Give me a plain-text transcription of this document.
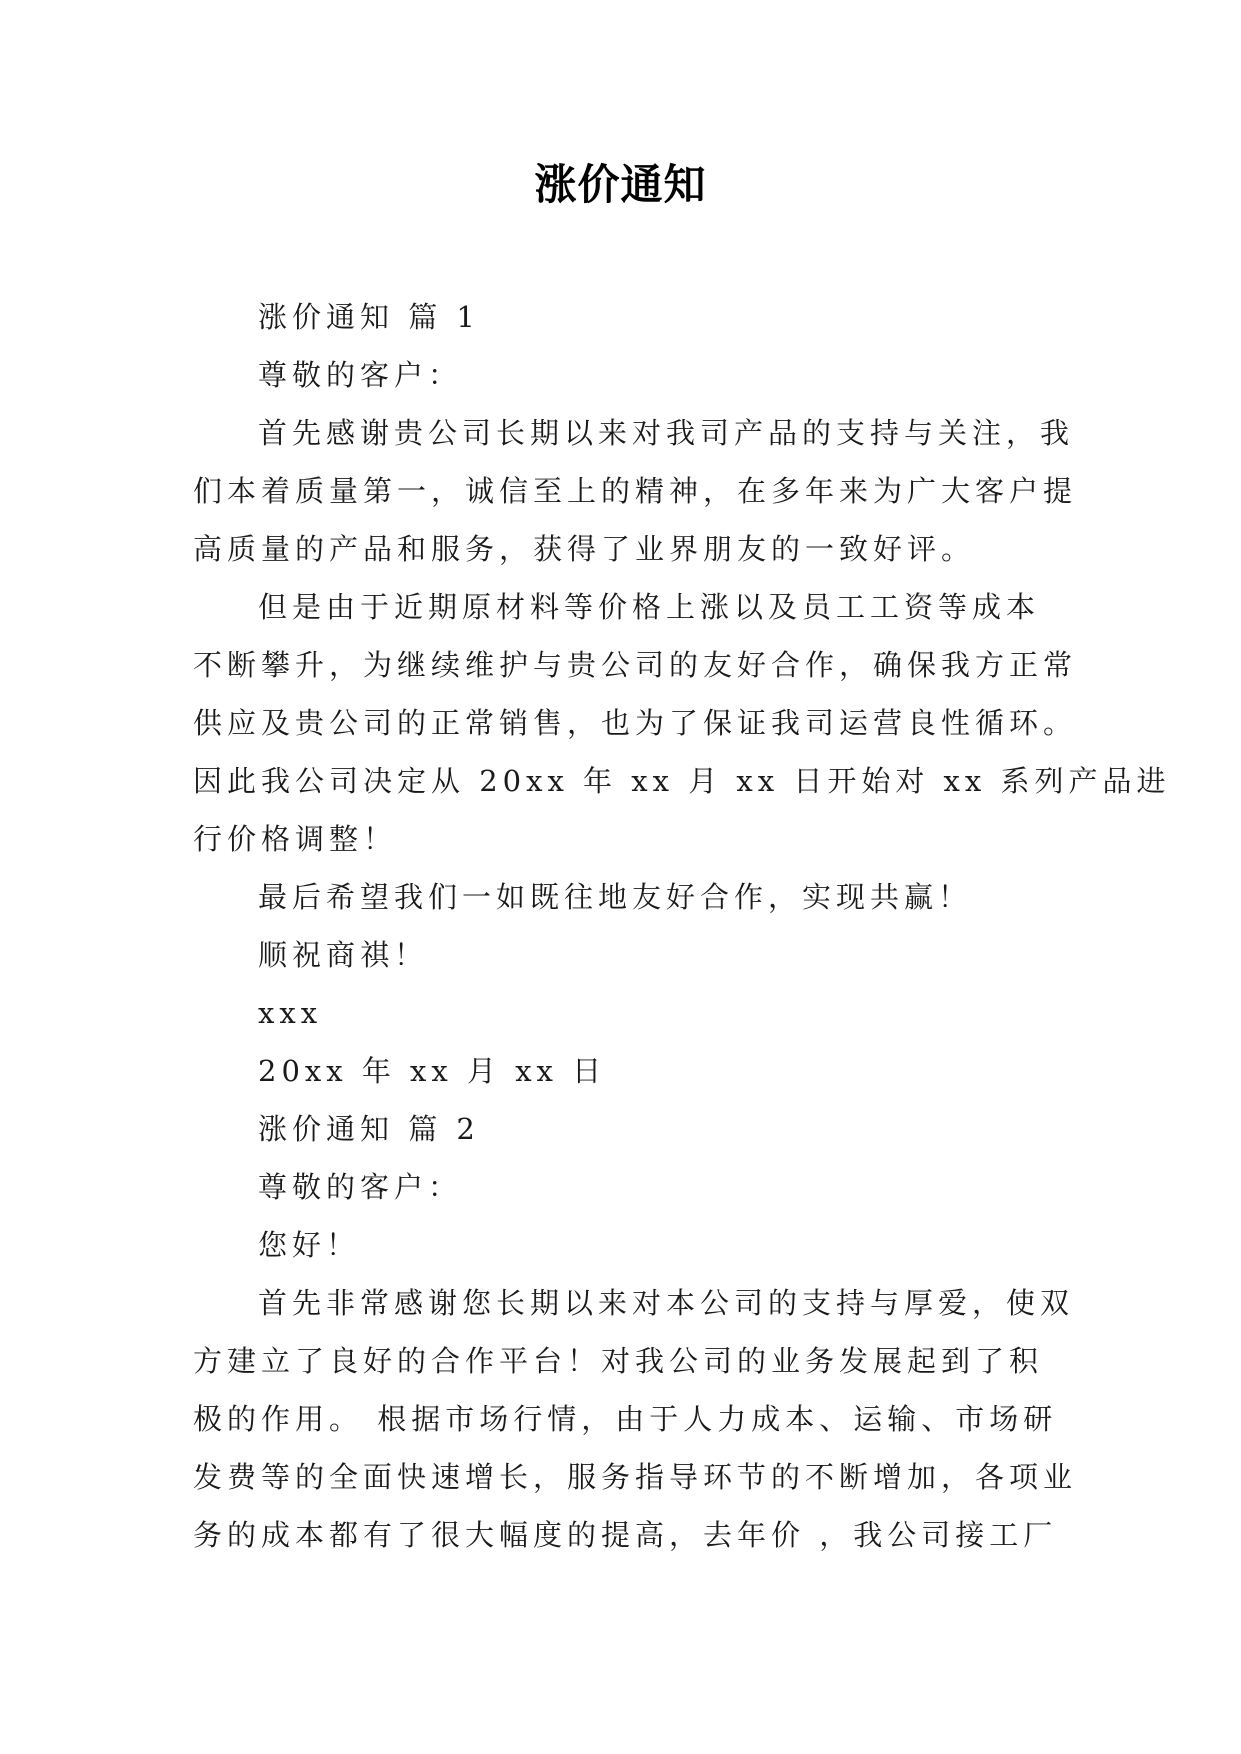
涨价通知
涨价通知 篇 1
尊敬的客户：
首先感谢贵公司长期以来对我司产品的支持与关注，我
们本着质量第一，诚信至上的精神，在多年来为广大客户提
高质量的产品和服务，获得了业界朋友的一致好评。
但是由于近期原材料等价格上涨以及员工工资等成本
不断攀升，为继续维护与贵公司的友好合作，确保我方正常
供应及贵公司的正常销售，也为了保证我司运营良性循环。
因此我公司决定从 20xx 年 xx 月 xx 日开始对 xx 系列产品进
行价格调整！
最后希望我们一如既往地友好合作，实现共赢！
顺祝商祺！
xxx
20xx 年 xx 月 xx 日
涨价通知 篇 2
尊敬的客户：
您好！
首先非常感谢您长期以来对本公司的支持与厚爱，使双
方建立了良好的合作平台！对我公司的业务发展起到了积
极的作用。 根据市场行情，由于人力成本、运输、市场研
发费等的全面快速增长，服务指导环节的不断增加，各项业
务的成本都有了很大幅度的提高，去年价 ，我公司接工厂
